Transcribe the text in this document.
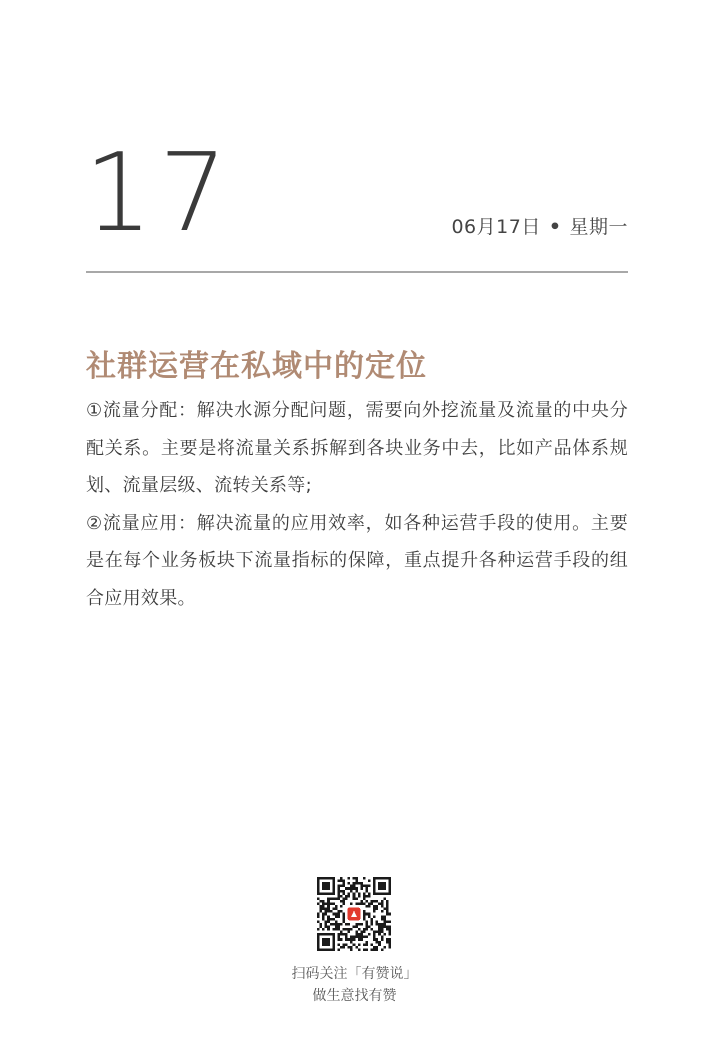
17	06月17日 • 星期一
社群运营在私域中的定位

①流量分配：解决水源分配问题，需要向外挖流量及流量的中央分配关系。主要是将流量关系拆解到各块业务中去，比如产品体系规划、流量层级、流转关系等;

②流量应用：解决流量的应用效率，如各种运营手段的使用。主要是在每个业务板块下流量指标的保障，重点提升各种运营手段的组合应用效果。

扫码关注「有赞说」
做生意找有赞
